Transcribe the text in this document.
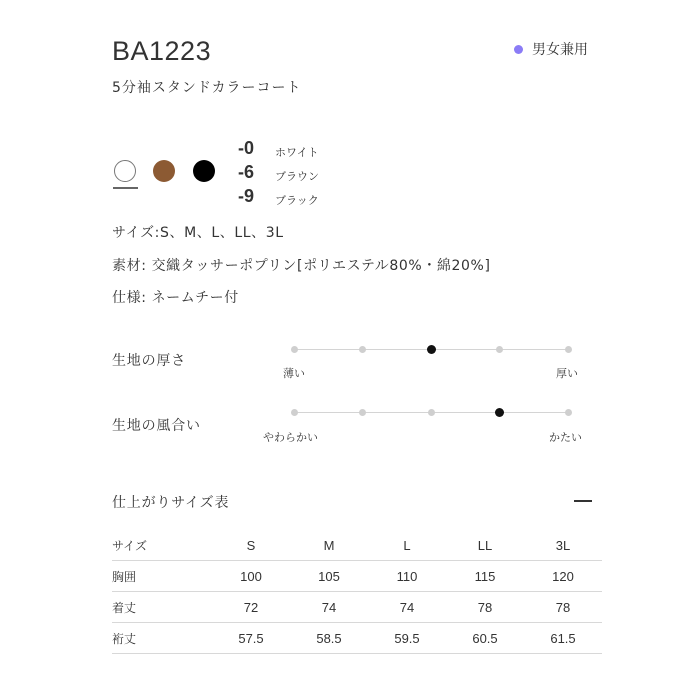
BA1223	男女兼用
5分袖スタンドカラーコート
-0 ホワイト
-6 ブラウン
-9 ブラック
サイズ:S、M、L、LL、3L
素材: 交織タッサーポプリン[ポリエステル80%・綿20%]
仕様: ネームチー付
生地の厚さ
薄い	厚い
生地の風合い
やわらかい	かたい
仕上がりサイズ表
サイズ	S	M	L	LL	3L
胸囲	100	105	110	115	120
着丈	72	74	74	78	78
裄丈	57.5	58.5	59.5	60.5	61.5
